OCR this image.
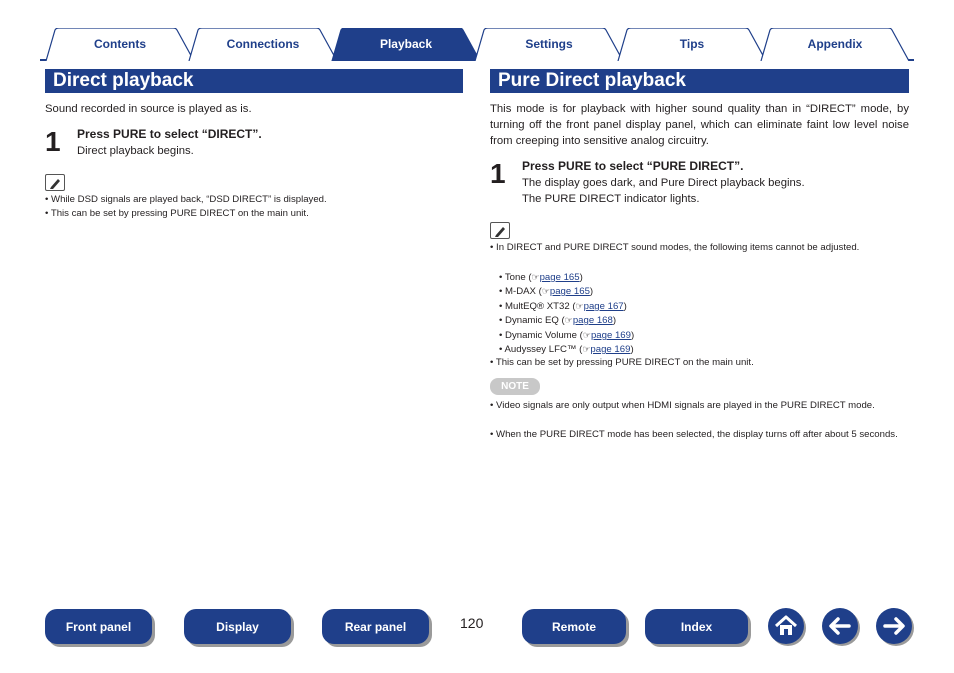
Contents	Connections	Playback	Settings	Tips	Appendix
Direct playback
Sound recorded in source is played as is.
1 Press PURE to select “DIRECT”.
Direct playback begins.
• While DSD signals are played back, “DSD DIRECT” is displayed.
• This can be set by pressing PURE DIRECT on the main unit.
Pure Direct playback
This mode is for playback with higher sound quality than in “DIRECT” mode, by turning off the front panel display panel, which can eliminate faint low level noise from creeping into sensitive analog circuitry.
1 Press PURE to select “PURE DIRECT”.
The display goes dark, and Pure Direct playback begins.
The PURE DIRECT indicator lights.
• In DIRECT and PURE DIRECT sound modes, the following items cannot be adjusted.
• Tone (☞page 165)
• M-DAX (☞page 165)
• MultEQ® XT32 (☞page 167)
• Dynamic EQ (☞page 168)
• Dynamic Volume (☞page 169)
• Audyssey LFC™ (☞page 169)
• This can be set by pressing PURE DIRECT on the main unit.
NOTE
• Video signals are only output when HDMI signals are played in the PURE DIRECT mode.
• When the PURE DIRECT mode has been selected, the display turns off after about 5 seconds.
Front panel	Display	Rear panel	120	Remote	Index
